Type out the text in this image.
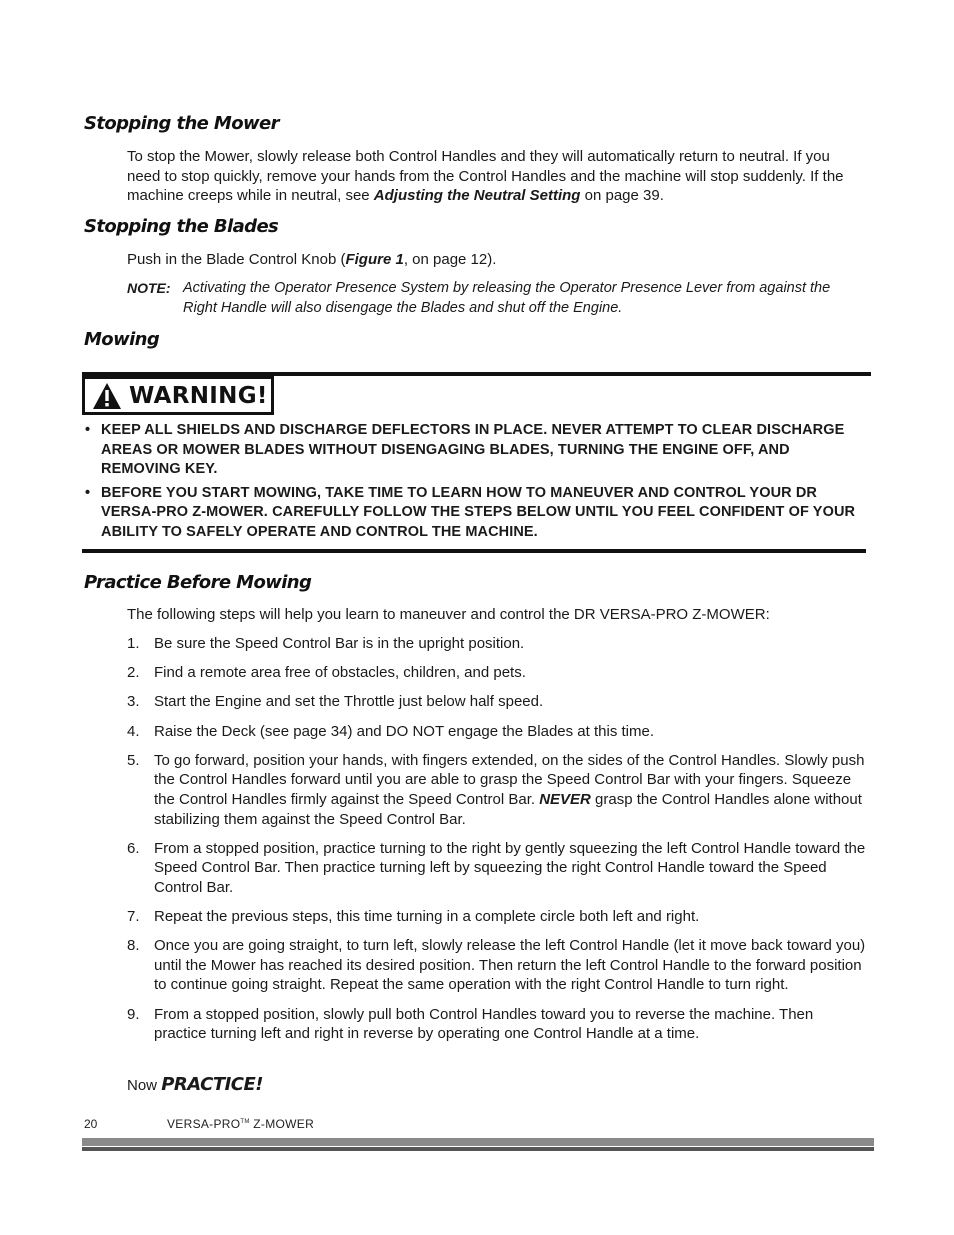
Stopping the Mower
To stop the Mower, slowly release both Control Handles and they will automatically return to neutral. If you need to stop quickly, remove your hands from the Control Handles and the machine will stop suddenly. If the machine creeps while in neutral, see Adjusting the Neutral Setting on page 39.
Stopping the Blades
Push in the Blade Control Knob (Figure 1, on page 12).
NOTE: Activating the Operator Presence System by releasing the Operator Presence Lever from against the Right Handle will also disengage the Blades and shut off the Engine.
Mowing
WARNING!
• KEEP ALL SHIELDS AND DISCHARGE DEFLECTORS IN PLACE. NEVER ATTEMPT TO CLEAR DISCHARGE AREAS OR MOWER BLADES WITHOUT DISENGAGING BLADES, TURNING THE ENGINE OFF, AND REMOVING KEY.
• BEFORE YOU START MOWING, TAKE TIME TO LEARN HOW TO MANEUVER AND CONTROL YOUR DR VERSA-PRO Z-MOWER. CAREFULLY FOLLOW THE STEPS BELOW UNTIL YOU FEEL CONFIDENT OF YOUR ABILITY TO SAFELY OPERATE AND CONTROL THE MACHINE.
Practice Before Mowing
The following steps will help you learn to maneuver and control the DR VERSA-PRO Z-MOWER:
1. Be sure the Speed Control Bar is in the upright position.
2. Find a remote area free of obstacles, children, and pets.
3. Start the Engine and set the Throttle just below half speed.
4. Raise the Deck (see page 34) and DO NOT engage the Blades at this time.
5. To go forward, position your hands, with fingers extended, on the sides of the Control Handles. Slowly push the Control Handles forward until you are able to grasp the Speed Control Bar with your fingers. Squeeze the Control Handles firmly against the Speed Control Bar. NEVER grasp the Control Handles alone without stabilizing them against the Speed Control Bar.
6. From a stopped position, practice turning to the right by gently squeezing the left Control Handle toward the Speed Control Bar. Then practice turning left by squeezing the right Control Handle toward the Speed Control Bar.
7. Repeat the previous steps, this time turning in a complete circle both left and right.
8. Once you are going straight, to turn left, slowly release the left Control Handle (let it move back toward you) until the Mower has reached its desired position. Then return the left Control Handle to the forward position to continue going straight. Repeat the same operation with the right Control Handle to turn right.
9. From a stopped position, slowly pull both Control Handles toward you to reverse the machine. Then practice turning left and right in reverse by operating one Control Handle at a time.
Now PRACTICE!
20	VERSA-PRO™ Z-MOWER
